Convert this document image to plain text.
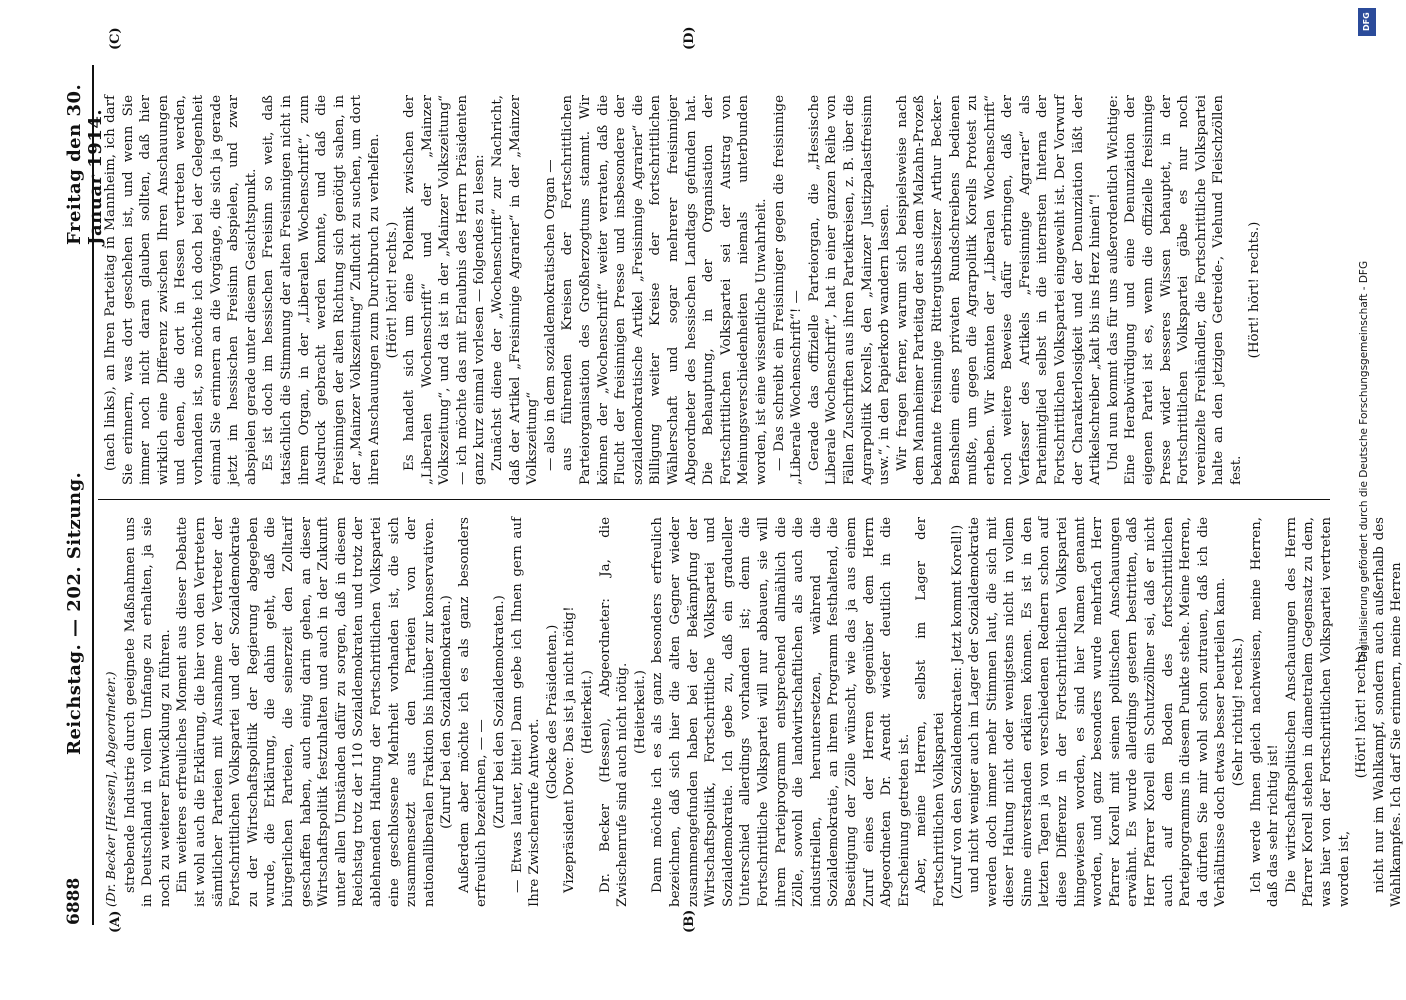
6888
Reichstag. — 202. Sitzung.
Freitag den 30. Januar 1914.
(A)	(B)
(C)	(D)
(Dr. Becker [Hessen], Abgeordneter.) strebende Industrie durch geeignete Maßnahmen uns in Deutschland in vollem Umfange zu erhalten, ja sie noch zu weiterer Entwicklung zu führen. Ein weiteres erfreuliches Moment aus dieser Debatte ist wohl auch die Erklärung, die hier von den Vertretern sämtlicher Parteien mit Ausnahme der Vertreter der Fortschrittlichen Volkspartei und der Sozialdemokratie zu der Wirtschaftspolitik der Regierung abgegeben wurde, die Erklärung, die dahin geht, daß die bürgerlichen Parteien, die seinerzeit den Zolltarif geschaffen haben, auch einig darin gehen, an dieser Wirtschaftspolitik festzuhalten und auch in der Zukunft unter allen Umständen dafür zu sorgen, daß in diesem Reichstag trotz der 110 Sozialdemokraten und trotz der ablehnenden Haltung der Fortschrittlichen Volkspartei eine geschlossene Mehrheit vorhanden ist, die sich zusammensetzt aus den Parteien von der nationalliberalen Fraktion bis hinüber zur konservativen. (Zuruf bei den Sozialdemokraten.) Außerdem aber möchte ich es als ganz besonders erfreulich bezeichnen, — — (Zuruf bei den Sozialdemokraten.) — Etwas lauter, bitte! Dann gebe ich Ihnen gern auf Ihre Zwischenrufe Antwort.

(Glocke des Präsidenten.) Vizepräsident Dove: Das ist ja nicht nötig! (Heiterkeit.) Dr. Becker (Hessen), Abgeordneter: Ja, die Zwischenrufe sind auch nicht nötig. (Heiterkeit.) Dann möchte ich es als ganz besonders erfreulich bezeichnen, daß sich hier die alten Gegner wieder zusammengefunden haben bei der Bekämpfung der Wirtschaftspolitik, Fortschrittliche Volkspartei und Sozialdemokratie. Ich gebe zu, daß ein gradueller Unterschied allerdings vorhanden ist; denn die Fortschrittliche Volkspartei will nur abbauen, sie will ihrem Parteiprogramm entsprechend allmählich die Zölle, sowohl die landwirtschaftlichen als auch die industriellen, heruntersetzen, während die Sozialdemokratie, an ihrem Programm festhaltend, die Beseitigung der Zölle wünscht, wie das ja aus einem Zuruf eines der Herren gegenüber dem Herrn Abgeordneten Dr. Arendt wieder deutlich in die Erscheinung getreten ist. Aber, meine Herren, selbst im Lager der Fortschrittlichen Volkspartei (Zuruf von den Sozialdemokraten: Jetzt kommt Korell!) und nicht weniger auch im Lager der Sozialdemokratie werden doch immer mehr Stimmen laut, die sich mit dieser Haltung nicht oder wenigstens nicht in vollem Sinne einverstanden erklären können. Es ist in den letzten Tagen ja von verschiedenen Rednern schon auf diese Differenz in der Fortschrittlichen Volkspartei hingewiesen worden, es sind hier Namen genannt worden, und ganz besonders wurde mehrfach Herr Pfarrer Korell mit seinen politischen Anschauungen erwähnt. Es wurde allerdings gestern bestritten, daß Herr Pfarrer Korell ein Schutzzöllner sei, daß er nicht auch auf dem Boden des fortschrittlichen Parteiprogramms in diesem Punkte stehe. Meine Herren, da dürften Sie mir wohl schon zutrauen, daß ich die Verhältnisse doch etwas besser beurteilen kann. (Sehr richtig! rechts.) Ich werde Ihnen gleich nachweisen, meine Herren, daß das sehr richtig ist! Die wirtschaftspolitischen Anschauungen des Herrn Pfarrer Korell stehen in diametralem Gegensatz zu dem, was hier von der Fortschrittlichen Volkspartei vertreten worden ist,

(Hört! hört! rechts) nicht nur im Wahlkampf, sondern auch außerhalb des Wahlkampfes. Ich darf Sie erinnern, meine Herren

(nach links), an Ihren Parteitag in Mannheim, ich darf Sie erinnern, was dort geschehen ist, und wenn Sie immer noch nicht daran glauben sollten, daß hier wirklich eine Differenz zwischen Ihren Anschauungen und denen, die dort in Hessen vertreten werden, vorhanden ist, so möchte ich doch bei der Gelegenheit einmal Sie erinnern an die Vorgänge, die sich ja gerade jetzt im hessischen Freisinn abspielen, und zwar abspielen gerade unter diesem Gesichtspunkt. Es ist doch im hessischen Freisinn so weit, daß tatsächlich die Stimmung der alten Freisinnigen nicht in ihrem Organ, in der „Liberalen Wochenschrift“, zum Ausdruck gebracht werden konnte, und daß die Freisinnigen der alten Richtung sich genötigt sahen, in der „Mainzer Volkszeitung“ Zuflucht zu suchen, um dort ihren Anschauungen zum Durchbruch zu verhelfen. (Hört! hört! rechts.) Es handelt sich um eine Polemik zwischen der „Liberalen Wochenschrift“ und der „Mainzer Volkszeitung“, und da ist in der „Mainzer Volkszeitung“ — ich möchte das mit Erlaubnis des Herrn Präsidenten ganz kurz einmal vorlesen — folgendes zu lesen: Zunächst diene der „Wochenschrift“ zur Nachricht, daß der Artikel „Freisinnige Agrarier“ in der „Mainzer Volkszeitung“ — also in dem sozialdemokratischen Organ — aus führenden Kreisen der Fortschrittlichen Parteiorganisation des Großherzogtums stammt. Wir können der „Wochenschrift“ weiter verraten, daß die Flucht der freisinnigen Presse und insbesondere der sozialdemokratische Artikel „Freisinnige Agrarier“ die Billigung weiter Kreise der fortschrittlichen Wählerschaft und sogar mehrerer freisinniger Abgeordneter des hessischen Landtags gefunden hat. Die Behauptung, in der Organisation der Fortschrittlichen Volkspartei sei der Austrag von Meinungsverschiedenheiten niemals unterbunden worden, ist eine wissentliche Unwahrheit. — Das schreibt ein Freisinniger gegen die freisinnige „Liberale Wochenschrift“! — Gerade das offizielle Parteiorgan, die „Hessische Liberale Wochenschrift“, hat in einer ganzen Reihe von Fällen Zuschriften aus ihren Parteikreisen, z. B. über die Agrarpolitik Korells, den „Mainzer Justizpalastfreisinn usw.“, in den Papierkorb wandern lassen. Wir fragen ferner, warum sich beispielsweise nach dem Mannheimer Parteitag der aus dem Malzahn-Prozeß bekannte freisinnige Rittergutsbesitzer Arthur Becker-Bensheim eines privaten Rundschreibens bedienen mußte, um gegen die Agrarpolitik Korells Protest zu erheben. Wir könnten der „Liberalen Wochenschrift“ noch weitere Beweise dafür erbringen, daß der Verfasser des Artikels „Freisinnige Agrarier“ als Parteimitglied selbst in die internsten Interna der Fortschrittlichen Volkspartei eingeweiht ist. Der Vorwurf der Charakterlosigkeit und der Denunziation läßt der Artikelschreiber „kalt bis ins Herz hinein“! Und nun kommt das für uns außerordentlich Wichtige: Eine Herabwürdigung und eine Denunziation der eigenen Partei ist es, wenn die offizielle freisinnige Presse wider besseres Wissen behauptet, in der Fortschrittlichen Volkspartei gäbe es nur noch vereinzelte Freihändler, die Fortschrittliche Volkspartei halte an den jetzigen Getreide-, Viehund Fleischzöllen fest.

(Hört! hört! rechts.)

DFG
Digitalisierung gefördert durch die Deutsche Forschungsgemeinschaft - DFG
